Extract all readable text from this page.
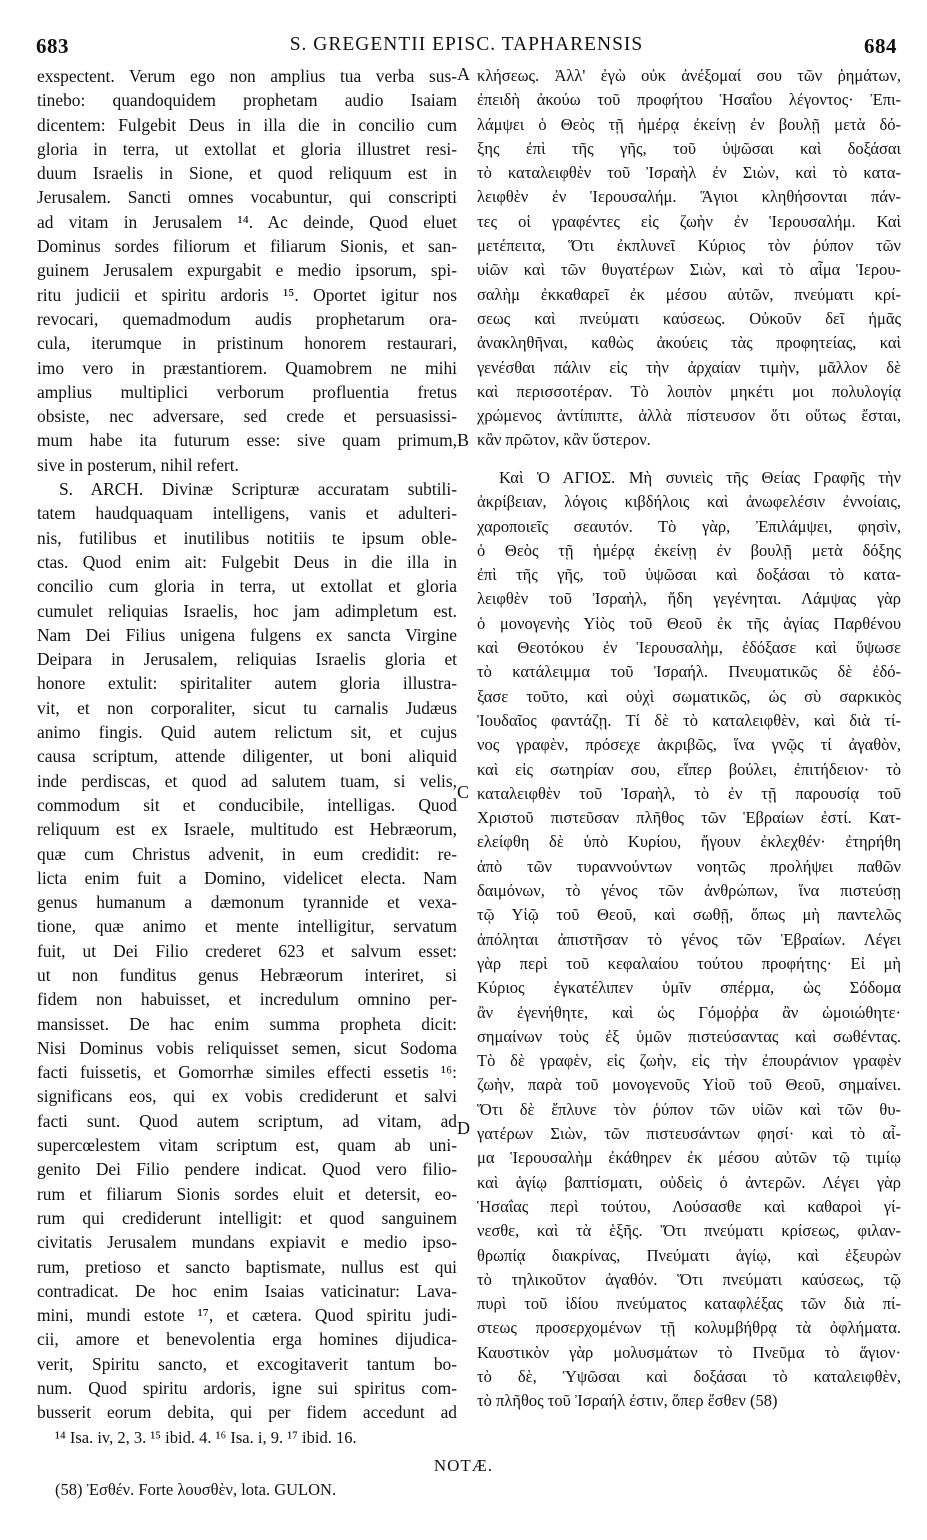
683	S. GREGENTII EPISC. TAPHARENSIS	684
exspectent. Verum ego non amplius tua verba sus-
tinebo: quandoquidem prophetam audio Isaiam
dicentem: Fulgebit Deus in illa die in concilio cum
gloria in terra, ut extollat et gloria illustret resi-
duum Israelis in Sione, et quod reliquum est in
Jerusalem. Sancti omnes vocabuntur, qui conscripti
ad vitam in Jerusalem ¹⁴. Ac deinde, Quod eluet
Dominus sordes filiorum et filiarum Sionis, et san-
guinem Jerusalem expurgabit e medio ipsorum, spi-
ritu judicii et spiritu ardoris ¹⁵. Oportet igitur nos
revocari, quemadmodum audis prophetarum ora-
cula, iterumque in pristinum honorem restaurari,
imo vero in præstantiorem. Quamobrem ne mihi
amplius multiplici verborum profluentia fretus
obsiste, nec adversare, sed crede et persuasissi-
mum habe ita futurum esse: sive quam primum,
sive in posterum, nihil refert.
S. ARCH. Divinæ Scripturæ accuratam subtili-
tatem haudquaquam intelligens, vanis et adulteri-
nis, futilibus et inutilibus notitiis te ipsum oble-
ctas. Quod enim ait: Fulgebit Deus in die illa in
concilio cum gloria in terra, ut extollat et gloria
cumulet reliquias Israelis, hoc jam adimpletum est.
Nam Dei Filius unigena fulgens ex sancta Virgine
Deipara in Jerusalem, reliquias Israelis gloria et
honore extulit: spiritaliter autem gloria illustra-
vit, et non corporaliter, sicut tu carnalis Judæus
animo fingis. Quid autem relictum sit, et cujus
causa scriptum, attende diligenter, ut boni aliquid
inde perdiscas, et quod ad salutem tuam, si velis,
commodum sit et conducibile, intelligas. Quod
reliquum est ex Israele, multitudo est Hebræorum,
quæ cum Christus advenit, in eum credidit: re-
licta enim fuit a Domino, videlicet electa. Nam
genus humanum a dæmonum tyrannide et vexa-
tione, quæ animo et mente intelligitur, servatum
fuit, ut Dei Filio crederet 623 et salvum esset:
ut non funditus genus Hebræorum interiret, si
fidem non habuisset, et incredulum omnino per-
mansisset. De hac enim summa propheta dicit:
Nisi Dominus vobis reliquisset semen, sicut Sodoma
facti fuissetis, et Gomorrhæ similes effecti essetis ¹⁶:
significans eos, qui ex vobis crediderunt et salvi
facti sunt. Quod autem scriptum, ad vitam, ad
supercœlestem vitam scriptum est, quam ab uni-
genito Dei Filio pendere indicat. Quod vero filio-
rum et filiarum Sionis sordes eluit et detersit, eo-
rum qui crediderunt intelligit: et quod sanguinem
civitatis Jerusalem mundans expiavit e medio ipso-
rum, pretioso et sancto baptismate, nullus est qui
contradicat. De hoc enim Isaias vaticinatur: Lava-
mini, mundi estote ¹⁷, et cætera. Quod spiritu judi-
cii, amore et benevolentia erga homines dijudica-
verit, Spiritu sancto, et excogitaverit tantum bo-
num. Quod spiritu ardoris, igne sui spiritus com-
busserit eorum debita, qui per fidem accedunt ad
κλήσεως. Ἀλλ' ἐγὼ οὐκ ἀνέξομαί σου τῶν ῥημάτων,
ἐπειδὴ ἀκούω τοῦ προφήτου Ἡσαΐου λέγοντος· Ἐπι-
λάμψει ὁ Θεὸς τῇ ἡμέρᾳ ἐκείνῃ ἐν βουλῇ μετὰ δό-
ξης ἐπὶ τῆς γῆς, τοῦ ὑψῶσαι καὶ δοξάσαι
τὸ καταλειφθὲν τοῦ Ἰσραὴλ ἐν Σιὼν, καὶ τὸ κατα-
λειφθὲν ἐν Ἱερουσαλήμ. Ἅγιοι κληθήσονται πάν-
τες οἱ γραφέντες εἰς ζωὴν ἐν Ἱερουσαλήμ. Καὶ
μετέπειτα, Ὅτι ἐκπλυνεῖ Κύριος τὸν ῥύπον τῶν
υἱῶν καὶ τῶν θυγατέρων Σιὼν, καὶ τὸ αἷμα Ἱερου-
σαλὴμ ἐκκαθαρεῖ ἐκ μέσου αὐτῶν, πνεύματι κρί-
σεως καὶ πνεύματι καύσεως. Οὐκοῦν δεῖ ἡμᾶς
ἀνακληθῆναι, καθὼς ἀκούεις τὰς προφητείας, καὶ
γενέσθαι πάλιν εἰς τὴν ἀρχαίαν τιμὴν, μᾶλλον δὲ
καὶ περισσοτέραν. Τὸ λοιπὸν μηκέτι μοι πολυλογίᾳ
χρώμενος ἀντίπιπτε, ἀλλὰ πίστευσον ὅτι οὕτως ἔσται,
κἂν πρῶτον, κἂν ὕστερον.
Καὶ Ὁ ΑΓΙΟΣ. Μὴ συνιεὶς τῆς Θείας Γραφῆς τὴν
ἀκρίβειαν, λόγοις κιβδήλοις καὶ ἀνωφελέσιν ἐννοίαις,
χαροποιεῖς σεαυτόν. Τὸ γὰρ, Ἐπιλάμψει, φησὶν,
ὁ Θεὸς τῇ ἡμέρᾳ ἐκείνῃ ἐν βουλῇ μετὰ δόξης
ἐπὶ τῆς γῆς, τοῦ ὑψῶσαι καὶ δοξάσαι τὸ κατα-
λειφθὲν τοῦ Ἰσραὴλ, ἤδη γεγένηται. Λάμψας γὰρ
ὁ μονογενὴς Υἱὸς τοῦ Θεοῦ ἐκ τῆς ἁγίας Παρθένου
καὶ Θεοτόκου ἐν Ἱερουσαλὴμ, ἐδόξασε καὶ ὕψωσε
τὸ κατάλειμμα τοῦ Ἰσραήλ. Πνευματικῶς δὲ ἐδό-
ξασε τοῦτο, καὶ οὐχὶ σωματικῶς, ὡς σὺ σαρκικὸς
Ἰουδαῖος φαντάζῃ. Τί δὲ τὸ καταλειφθὲν, καὶ διὰ τί-
νος γραφὲν, πρόσεχε ἀκριβῶς, ἵνα γνῷς τί ἀγαθὸν,
καὶ εἰς σωτηρίαν σου, εἴπερ βούλει, ἐπιτήδειον· τὸ
καταλειφθὲν τοῦ Ἰσραὴλ, τὸ ἐν τῇ παρουσίᾳ τοῦ
Χριστοῦ πιστεῦσαν πλῆθος τῶν Ἑβραίων ἐστί. Κατ-
ελείφθη δὲ ὑπὸ Κυρίου, ἤγουν ἐκλεχθέν· ἐτηρήθη
ἀπὸ τῶν τυραννούντων νοητῶς προλήψει παθῶν
δαιμόνων, τὸ γένος τῶν ἀνθρώπων, ἵνα πιστεύσῃ
τῷ Υἱῷ τοῦ Θεοῦ, καὶ σωθῇ, ὅπως μὴ παντελῶς
ἀπόληται ἀπιστῆσαν τὸ γένος τῶν Ἑβραίων. Λέγει
γὰρ περὶ τοῦ κεφαλαίου τούτου προφήτης· Εἰ μὴ
Κύριος ἐγκατέλιπεν ὑμῖν σπέρμα, ὡς Σόδομα
ἂν ἐγενήθητε, καὶ ὡς Γόμοῤῥα ἂν ὡμοιώθητε·
σημαίνων τοὺς ἐξ ὑμῶν πιστεύσαντας καὶ σωθέντας.
Τὸ δὲ γραφὲν, εἰς ζωὴν, εἰς τὴν ἐπουράνιον γραφὲν
ζωὴν, παρὰ τοῦ μονογενοῦς Υἱοῦ τοῦ Θεοῦ, σημαίνει.
Ὅτι δὲ ἔπλυνε τὸν ῥύπον τῶν υἱῶν καὶ τῶν θυ-
γατέρων Σιὼν, τῶν πιστευσάντων φησί· καὶ τὸ αἷ-
μα Ἱερουσαλὴμ ἐκάθηρεν ἐκ μέσου αὐτῶν τῷ τιμίῳ
καὶ ἁγίῳ βαπτίσματι, οὐδεὶς ὁ ἀντερῶν. Λέγει γὰρ
Ἡσαΐας περὶ τούτου, Λούσασθε καὶ καθαροὶ γί-
νεσθε, καὶ τὰ ἑξῆς. Ὅτι πνεύματι κρίσεως, φιλαν-
θρωπίᾳ διακρίνας, Πνεύματι ἁγίῳ, καὶ ἐξευρὼν
τὸ τηλικοῦτον ἀγαθόν. Ὅτι πνεύματι καύσεως, τῷ
πυρὶ τοῦ ἰδίου πνεύματος καταφλέξας τῶν διὰ πί-
στεως προσερχομένων τῇ κολυμβήθρᾳ τὰ ὀφλήματα.
Καυστικὸν γὰρ μολυσμάτων τὸ Πνεῦμα τὸ ἅγιον·
τὸ δὲ, Ὑψῶσαι καὶ δοξάσαι τὸ καταλειφθὲν,
τὸ πλῆθος τοῦ Ἰσραήλ ἐστιν, ὅπερ ἔσθεν (58)
A
B
C
D
¹⁴ Isa. iv, 2, 3. ¹⁵ ibid. 4. ¹⁶ Isa. i, 9. ¹⁷ ibid. 16.
NOTÆ.
(58) Ἐσθέν. Forte λουσθὲν, lota. GULON.
